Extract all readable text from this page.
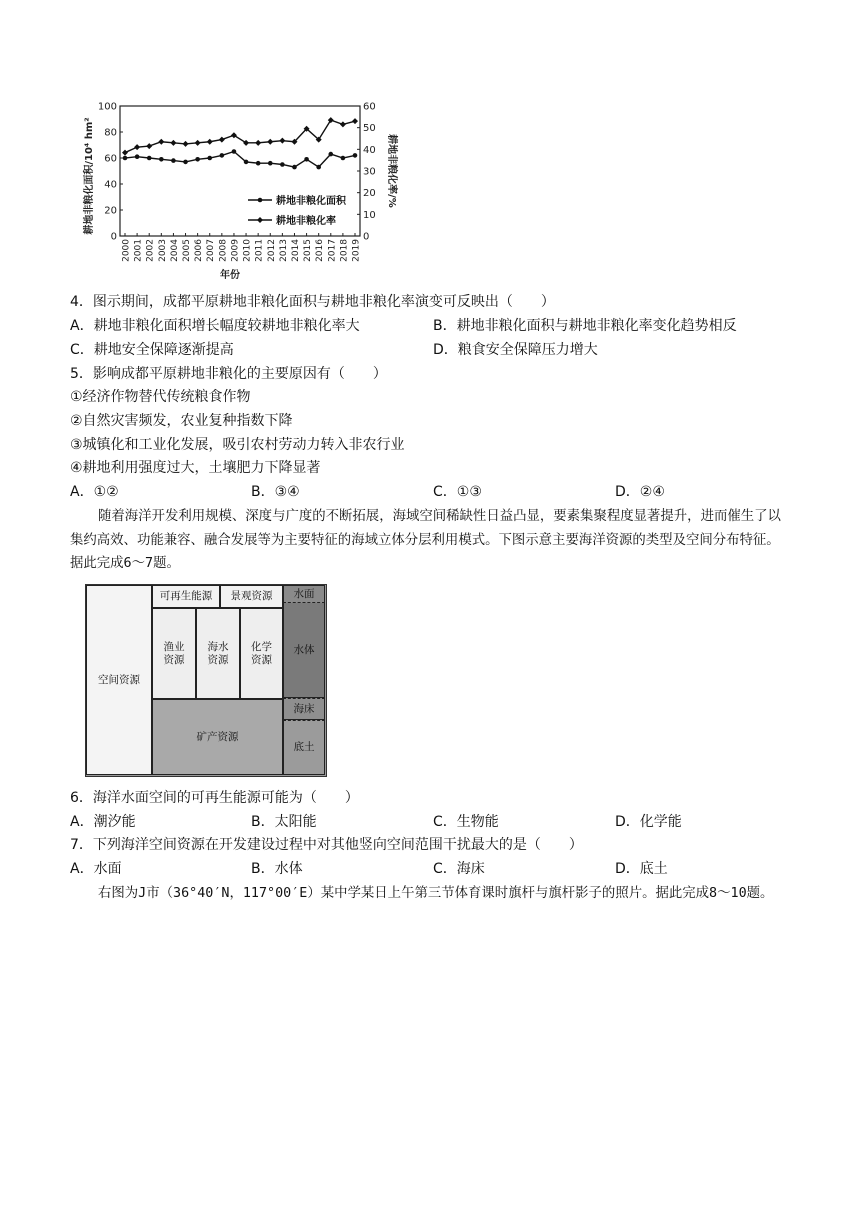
0
20
40
60
80
100
0
10
20
30
40
50
60
2000 2001 2002 2003 2004 2005 2006 2007 2008 2009 2010 2011 2012 2013 2014 2015 2016 2017 2018 2019
年份
耕地非粮化面积/10⁴ hm²	耕地非粮化率/%
耕地非粮化面积
耕地非粮化率
4．图示期间，成都平原耕地非粮化面积与耕地非粮化率演变可反映出（　　）
A．耕地非粮化面积增长幅度较耕地非粮化率大	B．耕地非粮化面积与耕地非粮化率变化趋势相反
C．耕地安全保障逐渐提高	D．粮食安全保障压力增大
5．影响成都平原耕地非粮化的主要原因有（　　）
①经济作物替代传统粮食作物
②自然灾害频发，农业复种指数下降
③城镇化和工业化发展，吸引农村劳动力转入非农行业
④耕地利用强度过大，土壤肥力下降显著
A．①②	B．③④	C．①③	D．②④
随着海洋开发利用规模、深度与广度的不断拓展，海域空间稀缺性日益凸显，要素集聚程度显著提升，进而催生了以集约高效、功能兼容、融合发展等为主要特征的海域立体分层利用模式。下图示意主要海洋资源的类型及空间分布特征。据此完成6～7题。
空间资源
可再生能源 景观资源
渔业
资源
海水
资源
化学
资源
矿产资源
水面
水体
海床
底土
6．海洋水面空间的可再生能源可能为（　　）
A．潮汐能	B．太阳能	C．生物能	D．化学能
7．下列海洋空间资源在开发建设过程中对其他竖向空间范围干扰最大的是（　　）
A．水面	B．水体	C．海床	D．底土
右图为J市（36°40′N，117°00′E）某中学某日上午第三节体育课时旗杆与旗杆影子的照片。据此完成8～10题。
